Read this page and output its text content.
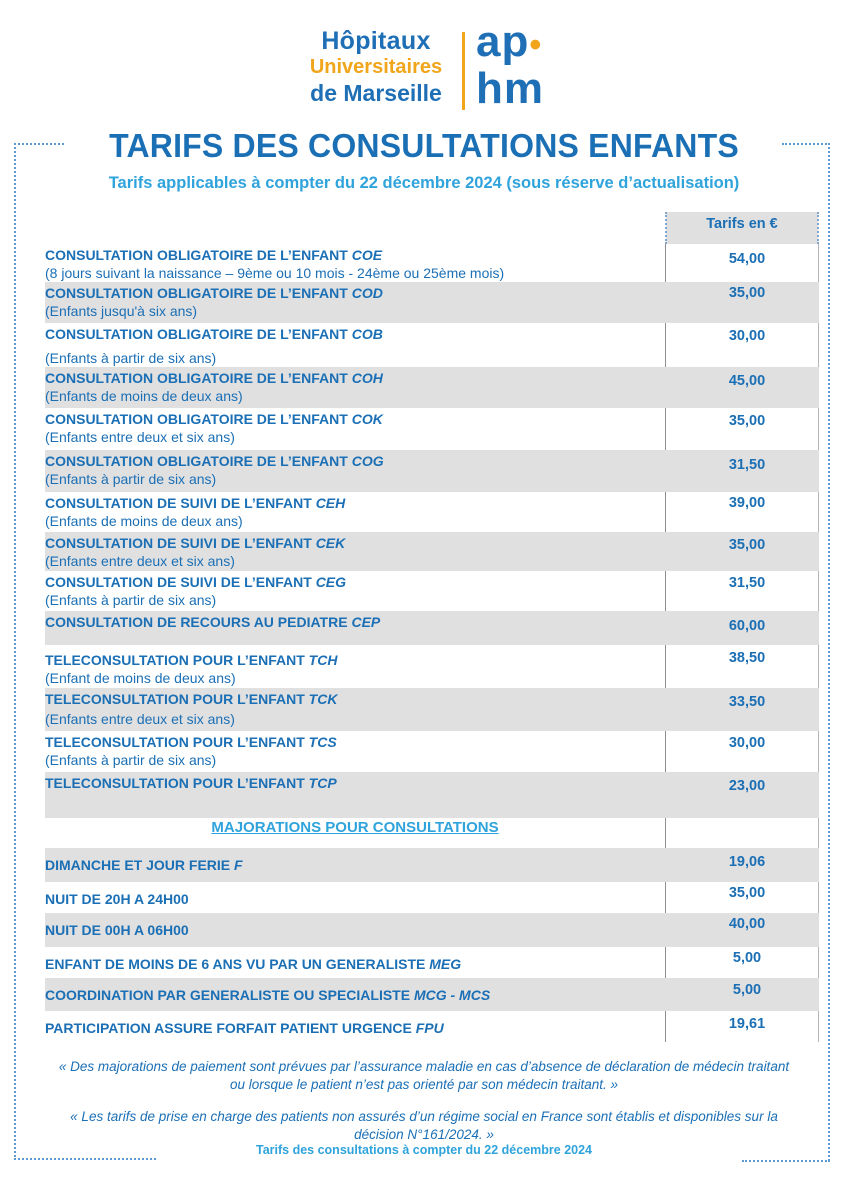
Hôpitaux
Universitaires
de Marseille
ap•
hm
TARIFS DES CONSULTATIONS ENFANTS
Tarifs applicables à compter du 22 décembre 2024 (sous réserve d’actualisation)
Tarifs en €
CONSULTATION OBLIGATOIRE DE L’ENFANT COE
(8 jours suivant la naissance – 9ème ou 10 mois - 24ème ou 25ème mois)
54,00
CONSULTATION OBLIGATOIRE DE L’ENFANT COD
(Enfants jusqu'à six ans)
35,00
CONSULTATION OBLIGATOIRE DE L’ENFANT COB
(Enfants à partir de six ans)
30,00
CONSULTATION OBLIGATOIRE DE L’ENFANT COH
(Enfants de moins de deux ans)
45,00
CONSULTATION OBLIGATOIRE DE L’ENFANT COK
(Enfants entre deux et six ans)
35,00
CONSULTATION OBLIGATOIRE DE L’ENFANT COG
(Enfants à partir de six ans)
31,50
CONSULTATION DE SUIVI DE L’ENFANT CEH
(Enfants de moins de deux ans)
39,00
CONSULTATION DE SUIVI DE L’ENFANT CEK
(Enfants entre deux et six ans)
35,00
CONSULTATION DE SUIVI DE L’ENFANT CEG
(Enfants à partir de six ans)
31,50
CONSULTATION DE RECOURS AU PEDIATRE CEP	60,00
TELECONSULTATION POUR L’ENFANT TCH
(Enfant de moins de deux ans)
38,50
TELECONSULTATION POUR L’ENFANT TCK
(Enfants entre deux et six ans)
33,50
TELECONSULTATION POUR L’ENFANT TCS
(Enfants à partir de six ans)
30,00
TELECONSULTATION POUR L’ENFANT TCP	23,00
DIMANCHE ET JOUR FERIE F	19,06
NUIT DE 20H A 24H00	35,00
NUIT DE 00H A 06H00	40,00
ENFANT DE MOINS DE 6 ANS VU PAR UN GENERALISTE MEG	5,00
COORDINATION PAR GENERALISTE OU SPECIALISTE MCG - MCS	5,00
PARTICIPATION ASSURE FORFAIT PATIENT URGENCE FPU	19,61
MAJORATIONS POUR CONSULTATIONS
« Des majorations de paiement sont prévues par l’assurance maladie en cas d’absence de déclaration de médecin traitant ou lorsque le patient n’est pas orienté par son médecin traitant. »
« Les tarifs de prise en charge des patients non assurés d’un régime social en France sont établis et disponibles sur la décision N°161/2024. »
Tarifs des consultations à compter du 22 décembre 2024
